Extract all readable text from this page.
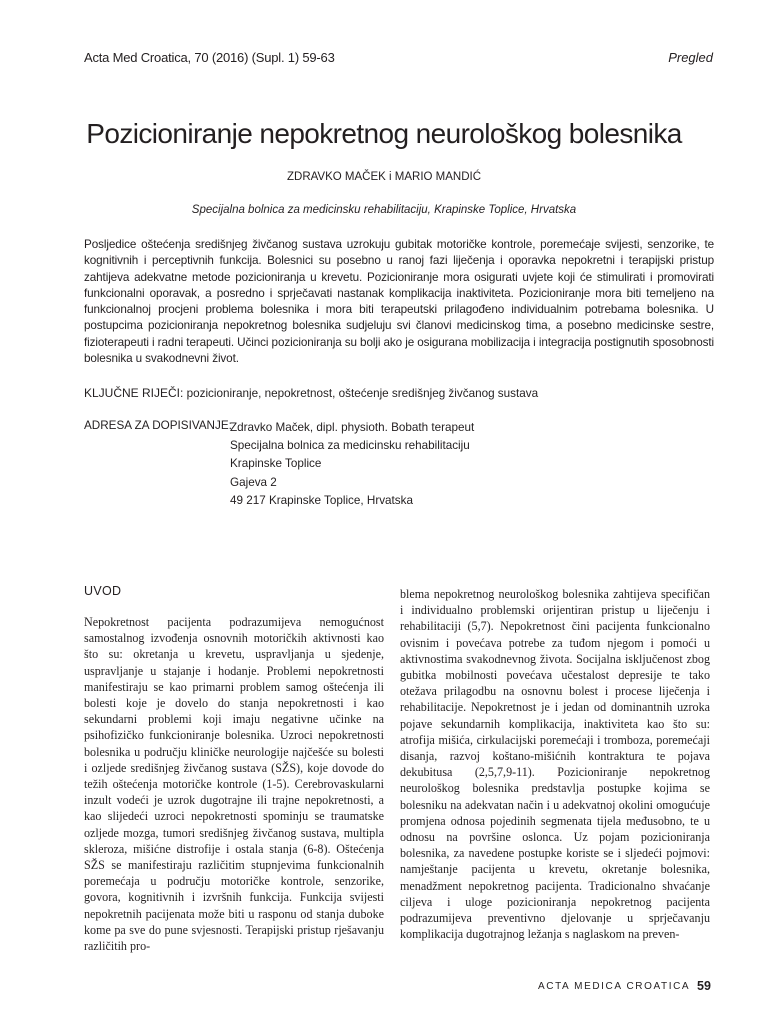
Acta Med Croatica, 70 (2016) (Supl. 1) 59-63	Pregled
Pozicioniranje nepokretnog neurološkog bolesnika
ZDRAVKO MAČEK i MARIO MANDIĆ
Specijalna bolnica za medicinsku rehabilitaciju, Krapinske Toplice, Hrvatska
Posljedice oštećenja središnjeg živčanog sustava uzrokuju gubitak motoričke kontrole, poremećaje svijesti, senzorike, te kognitivnih i perceptivnih funkcija. Bolesnici su posebno u ranoj fazi liječenja i oporavka nepokretni i terapijski pristup zahtijeva adekvatne metode pozicioniranja u krevetu. Pozicioniranje mora osigurati uvjete koji će stimulirati i promovirati funkcionalni oporavak, a posredno i sprječavati nastanak komplikacija inaktiviteta. Pozicioniranje mora biti temeljeno na funkcionalnoj procjeni problema bolesnika i mora biti terapeutski prilagođeno individualnim potrebama bolesnika. U postupcima pozicioniranja nepokretnog bolesnika sudjeluju svi članovi medicinskog tima, a posebno medicinske sestre, fizioterapeuti i radni terapeuti. Učinci pozicioniranja su bolji ako je osigurana mobilizacija i integracija postignutih sposobnosti bolesnika u svakodnevni život.
KLJUČNE RIJEČI: pozicioniranje, nepokretnost, oštećenje središnjeg živčanog sustava
ADRESA ZA DOPISIVANJE:
Zdravko Maček, dipl. physioth. Bobath terapeut
Specijalna bolnica za medicinsku rehabilitaciju
Krapinske Toplice
Gajeva 2
49 217 Krapinske Toplice, Hrvatska
UVOD

Nepokretnost pacijenta podrazumijeva nemogućnost samostalnog izvođenja osnovnih motoričkih aktivnosti kao što su: okretanja u krevetu, uspravljanja u sjedenje, uspravljanje u stajanje i hodanje. Problemi nepokretnosti manifestiraju se kao primarni problem samog oštećenja ili bolesti koje je dovelo do stanja nepokretnosti i kao sekundarni problemi koji imaju negativne učinke na psihofizičko funkcioniranje bolesnika. Uzroci nepokretnosti bolesnika u području kliničke neurologije najčešće su bolesti i ozljede središnjeg živčanog sustava (SŽS), koje dovode do težih oštećenja motoričke kontrole (1-5). Cerebrovaskularni inzult vodeći je uzrok dugotrajne ili trajne nepokretnosti, a kao slijedeći uzroci nepokretnosti spominju se traumatske ozljede mozga, tumori središnjeg živčanog sustava, multipla skleroza, mišićne distrofije i ostala stanja (6-8). Oštećenja SŽS se manifestiraju različitim stupnjevima funkcionalnih poremećaja u području motoričke kontrole, senzorike, govora, kognitivnih i izvršnih funkcija. Funkcija svijesti nepokretnih pacijenata može biti u rasponu od stanja duboke kome pa sve do pune svjesnosti. Terapijski pristup rješavanju različitih pro-

blema nepokretnog neurološkog bolesnika zahtijeva specifičan i individualno problemski orijentiran pristup u liječenju i rehabilitaciji (5,7). Nepokretnost čini pacijenta funkcionalno ovisnim i povećava potrebe za tuđom njegom i pomoći u aktivnostima svakodnevnog života. Socijalna isključenost zbog gubitka mobilnosti povećava učestalost depresije te tako otežava prilagodbu na osnovnu bolest i procese liječenja i rehabilitacije. Nepokretnost je i jedan od dominantnih uzroka pojave sekundarnih komplikacija, inaktiviteta kao što su: atrofija mišića, cirkulacijski poremećaji i tromboza, poremećaji disanja, razvoj koštano-mišićnih kontraktura te pojava dekubitusa (2,5,7,9-11). Pozicioniranje nepokretnog neurološkog bolesnika predstavlja postupke kojima se bolesniku na adekvatan način i u adekvatnoj okolini omogućuje promjena odnosa pojedinih segmenata tijela međusobno, te u odnosu na površine oslonca. Uz pojam pozicioniranja bolesnika, za navedene postupke koriste se i sljedeći pojmovi: namještanje pacijenta u krevetu, okretanje bolesnika, menadžment nepokretnog pacijenta. Tradicionalno shvaćanje ciljeva i uloge pozicioniranja nepokretnog pacijenta podrazumijeva preventivno djelovanje u sprječavanju komplikacija dugotrajnog ležanja s naglaskom na preven-

ACTA MEDICA CROATICA 59
